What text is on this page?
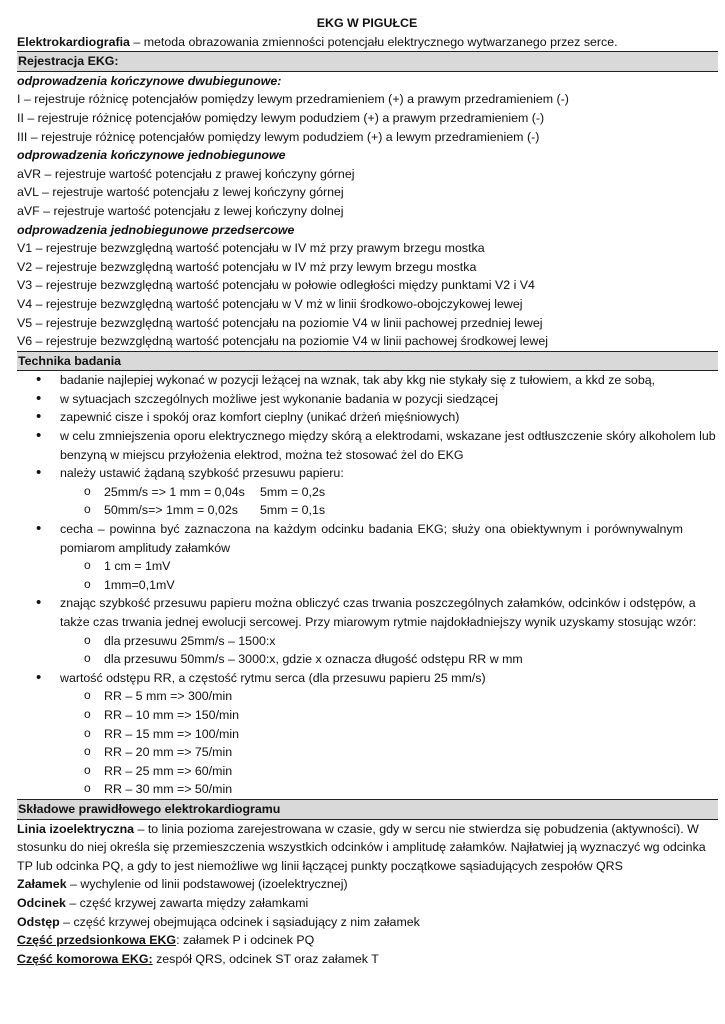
EKG W PIGUŁCE
Elektrokardiografia – metoda obrazowania zmienności potencjału elektrycznego wytwarzanego przez serce.
Rejestracja EKG:
odprowadzenia kończynowe dwubiegunowe:
I – rejestruje różnicę potencjałów pomiędzy lewym przedramieniem (+) a prawym przedramieniem (-)
II – rejestruje różnicę potencjałów pomiędzy lewym podudziem (+) a prawym przedramieniem (-)
III – rejestruje różnicę potencjałów pomiędzy lewym podudziem (+) a lewym przedramieniem (-)
odprowadzenia kończynowe jednobiegunowe
aVR – rejestruje wartość potencjału z prawej kończyny górnej
aVL – rejestruje wartość potencjału z lewej kończyny górnej
aVF – rejestruje wartość potencjału z lewej kończyny dolnej
odprowadzenia jednobiegunowe przedsercowe
V1 – rejestruje bezwzględną wartość potencjału w IV mż przy prawym brzegu mostka
V2 – rejestruje bezwzględną wartość potencjału w IV mż przy lewym brzegu mostka
V3 – rejestruje bezwzględną wartość potencjału w połowie odległości między punktami V2 i V4
V4 – rejestruje bezwzględną wartość potencjału w V mż w linii środkowo-obojczykowej lewej
V5 – rejestruje bezwzględną wartość potencjału na poziomie V4 w linii pachowej przedniej lewej
V6 – rejestruje bezwzględną wartość potencjału na poziomie V4 w linii pachowej środkowej lewej
Technika badania
• badanie najlepiej wykonać w pozycji leżącej na wznak, tak aby kkg nie stykały się z tułowiem, a kkd ze sobą,
• w sytuacjach szczególnych możliwe jest wykonanie badania w pozycji siedzącej
• zapewnić cisze i spokój oraz komfort cieplny (unikać drżeń mięśniowych)
• w celu zmniejszenia oporu elektrycznego między skórą a elektrodami, wskazane jest odtłuszczenie skóry alkoholem lub
benzyną w miejscu przyłożenia elektrod, można też stosować żel do EKG
• należy ustawić żądaną szybkość przesuwu papieru:
o 25mm/s => 1 mm = 0,04s 5mm = 0,2s
o 50mm/s=> 1mm = 0,02s 5mm = 0,1s
• cecha – powinna być zaznaczona na każdym odcinku badania EKG; służy ona obiektywnym i porównywalnym
pomiarom amplitudy załamków
o 1 cm = 1mV
o 1mm=0,1mV
• znając szybkość przesuwu papieru można obliczyć czas trwania poszczególnych załamków, odcinków i odstępów, a
także czas trwania jednej ewolucji sercowej. Przy miarowym rytmie najdokładniejszy wynik uzyskamy stosując wzór:
o dla przesuwu 25mm/s – 1500:x
o dla przesuwu 50mm/s – 3000:x, gdzie x oznacza długość odstępu RR w mm
• wartość odstępu RR, a częstość rytmu serca (dla przesuwu papieru 25 mm/s)
o RR – 5 mm => 300/min
o RR – 10 mm => 150/min
o RR – 15 mm => 100/min
o RR – 20 mm => 75/min
o RR – 25 mm => 60/min
o RR – 30 mm => 50/min
Składowe prawidłowego elektrokardiogramu
Linia izoelektryczna – to linia pozioma zarejestrowana w czasie, gdy w sercu nie stwierdza się pobudzenia (aktywności). W
stosunku do niej określa się przemieszczenia wszystkich odcinków i amplitudę załamków. Najłatwiej ją wyznaczyć wg odcinka
TP lub odcinka PQ, a gdy to jest niemożliwe wg linii łączącej punkty początkowe sąsiadujących zespołów QRS
Załamek – wychylenie od linii podstawowej (izoelektrycznej)
Odcinek – część krzywej zawarta między załamkami
Odstęp – część krzywej obejmująca odcinek i sąsiadujący z nim załamek
Część przedsionkowa EKG: załamek P i odcinek PQ
Część komorowa EKG: zespół QRS, odcinek ST oraz załamek T
